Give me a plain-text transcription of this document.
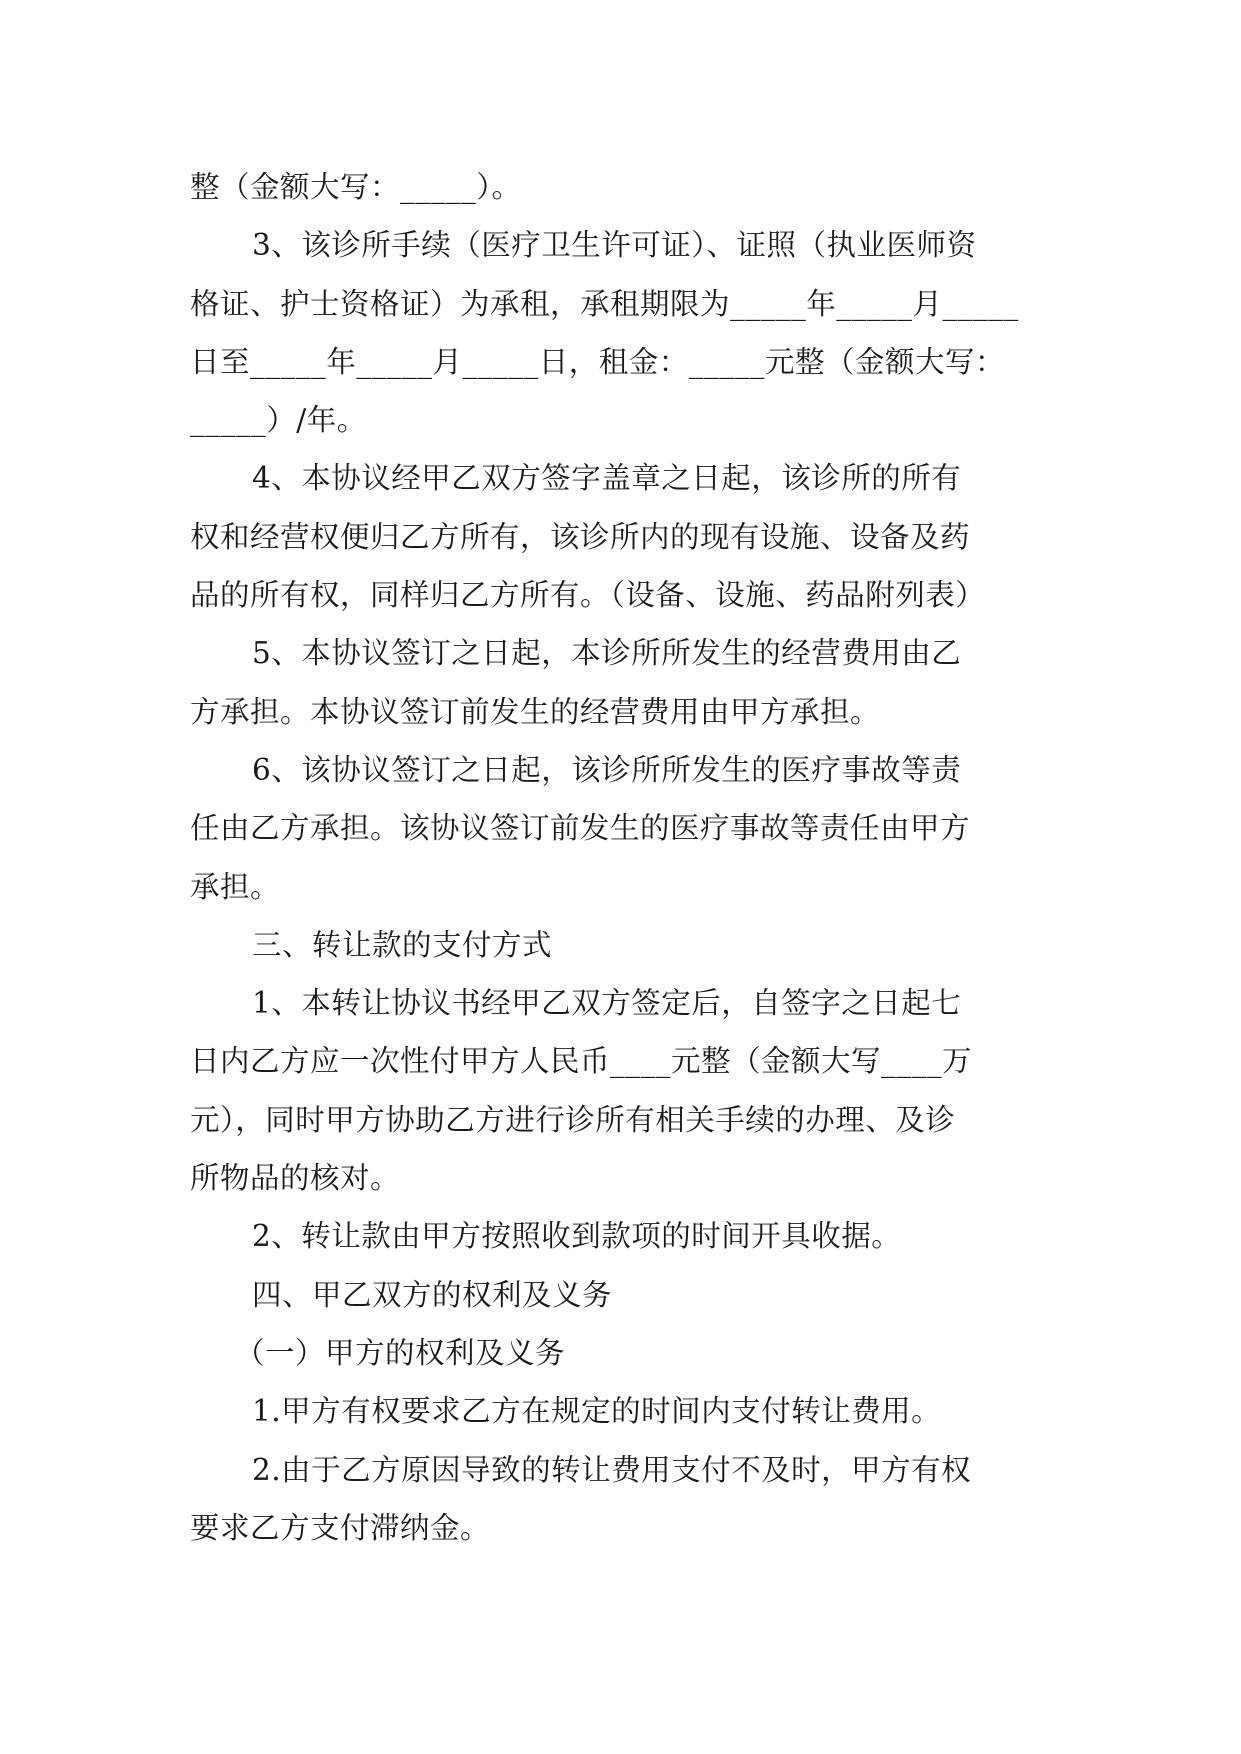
整（金额大写：_____）。
3、该诊所手续（医疗卫生许可证）、证照（执业医师资
格证、护士资格证）为承租，承租期限为_____年_____月_____
日至_____年_____月_____日，租金：_____元整（金额大写：
_____）/年。
4、本协议经甲乙双方签字盖章之日起，该诊所的所有
权和经营权便归乙方所有，该诊所内的现有设施、设备及药
品的所有权，同样归乙方所有。（设备、设施、药品附列表）
5、本协议签订之日起，本诊所所发生的经营费用由乙
方承担。本协议签订前发生的经营费用由甲方承担。
6、该协议签订之日起，该诊所所发生的医疗事故等责
任由乙方承担。该协议签订前发生的医疗事故等责任由甲方
承担。
三、转让款的支付方式
1、本转让协议书经甲乙双方签定后，自签字之日起七
日内乙方应一次性付甲方人民币____元整（金额大写____万
元），同时甲方协助乙方进行诊所有相关手续的办理、及诊
所物品的核对。
2、转让款由甲方按照收到款项的时间开具收据。
四、甲乙双方的权利及义务
（一）甲方的权利及义务
1.甲方有权要求乙方在规定的时间内支付转让费用。
2.由于乙方原因导致的转让费用支付不及时，甲方有权
要求乙方支付滞纳金。
